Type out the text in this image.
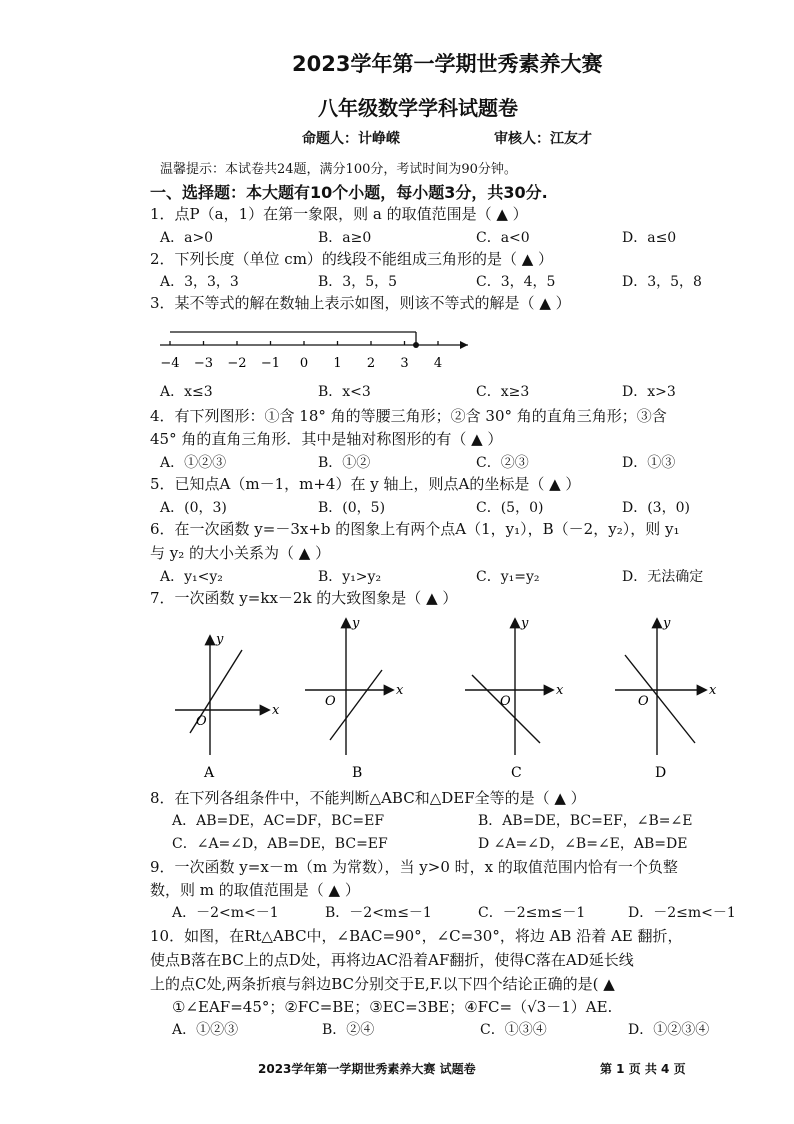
2023学年第一学期世秀素养大赛
八年级数学学科试题卷
命题人：计峥嵘	审核人：江友才
温馨提示：本试卷共24题，满分100分，考试时间为90分钟。
一、选择题：本大题有10个小题，每小题3分，共30分.
1．点P（a，1）在第一象限，则 a 的取值范围是（ ▲ ）
A．a>0	B．a≥0	C．a<0	D．a≤0
2．下列长度（单位 cm）的线段不能组成三角形的是（ ▲ ）
A．3，3，3	B．3，5，5	C．3，4，5	D．3，5，8
3．某不等式的解在数轴上表示如图，则该不等式的解是（ ▲ ）
−4 −3 −2 −1 0 1 2 3 4
A．x≤3	B．x<3	C．x≥3	D．x>3
4．有下列图形：①含 18° 角的等腰三角形；②含 30° 角的直角三角形；③含
45° 角的直角三角形．其中是轴对称图形的有（ ▲ ）
A．①②③	B．①②	C．②③	D．①③
5．已知点A（m－1，m+4）在 y 轴上，则点A的坐标是（ ▲ ）
A．(0，3)	B．(0，5)	C．(5，0)	D．(3，0)
6．在一次函数 y=－3x+b 的图象上有两个点A（1，y₁），B（－2，y₂），则 y₁
与 y₂ 的大小关系为（ ▲ ）
A．y₁<y₂	B．y₁>y₂	C．y₁=y₂	D．无法确定
7．一次函数 y=kx－2k 的大致图象是（ ▲ ）
x
y
O
A
x
y
O
B
x
y
O
C
x
y
O
D
8．在下列各组条件中，不能判断△ABC和△DEF全等的是（ ▲ ）
A．AB=DE，AC=DF，BC=EF	B．AB=DE，BC=EF，∠B=∠E
C．∠A=∠D，AB=DE，BC=EF	D ∠A=∠D，∠B=∠E，AB=DE
9．一次函数 y=x－m（m 为常数），当 y>0 时，x 的取值范围内恰有一个负整
数，则 m 的取值范围是（ ▲ ）
A．－2<m<－1	B．－2<m≤－1	C．－2≤m≤－1	D．－2≤m<－1
10．如图，在Rt△ABC中，∠BAC=90°，∠C=30°，将边 AB 沿着 AE 翻折，
使点B落在BC上的点D处，再将边AC沿着AF翻折，使得C落在AD延长线
上的点C处,两条折痕与斜边BC分别交于E,F.以下四个结论正确的是( ▲
①∠EAF=45°；②FC=BE；③EC=3BE；④FC=（√3－1）AE.
A．①②③	B．②④	C．①③④	D．①②③④
2023学年第一学期世秀素养大赛 试题卷	第 1 页 共 4 页
